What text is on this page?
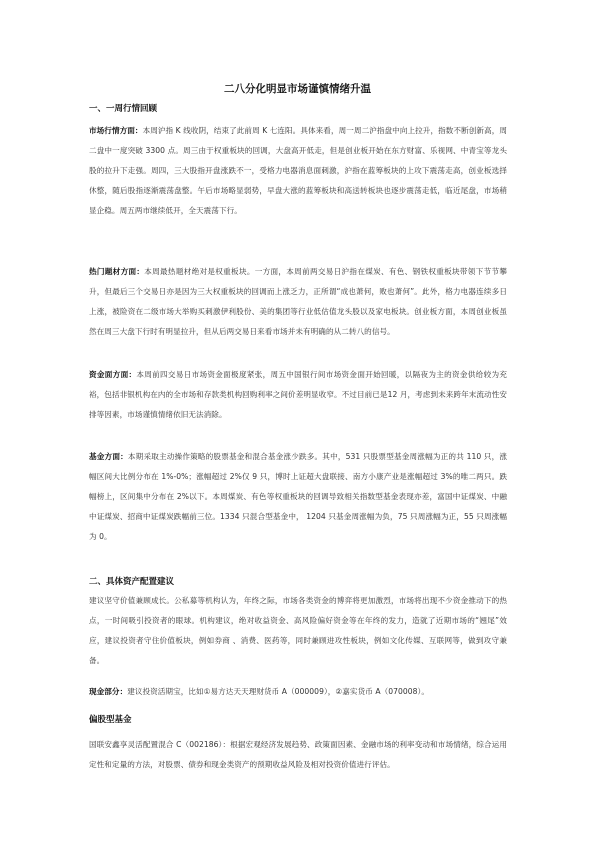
二八分化明显市场谨慎情绪升温
一、一周行情回顾
市场行情方面：本周沪指 K 线收阴，结束了此前周 K 七连阳。具体来看，周一周二沪指盘中向上拉升，指数不断创新高，周二盘中一度突破 3300 点。周三由于权重板块的回调，大盘高开低走，但是创业板开始在东方财富、乐视网、中青宝等龙头股的拉升下走强。周四，三大股指开盘涨跌不一，受格力电器消息面刺激，沪指在蓝筹板块的上攻下震荡走高，创业板选择休整，随后股指逐渐震荡盘整。午后市场略显弱势，早盘大涨的蓝筹板块和高送转板块也逐步震荡走低，临近尾盘，市场稍显企稳。周五两市继续低开，全天震荡下行。
热门题材方面：本周最热题材绝对是权重板块。一方面，本周前两交易日沪指在煤炭、有色、钢铁权重板块带领下节节攀升，但最后三个交易日亦是因为三大权重板块的回调而上涨乏力，正所谓“成也萧何，败也萧何”。此外，格力电器连续多日上涨，被险资在二级市场大举购买刺激伊利股份、美的集团等行业低估值龙头股以及家电板块。创业板方面，本周创业板虽然在周三大盘下行时有明显拉升，但从后两交易日来看市场并未有明确的从二转八的信号。
资金面方面：本周前四交易日市场资金面极度紧张，周五中国银行间市场资金面开始回暖，以隔夜为主的资金供给较为充裕，包括非银机构在内的全市场和存款类机构回购利率之间价差明显收窄。不过目前已是12 月，考虑到未来跨年末流动性安排等因素，市场谨慎情绪依旧无法消除。
基金方面：本期采取主动操作策略的股票基金和混合基金涨少跌多。其中，531 只股票型基金周涨幅为正的共 110 只，涨幅区间大比例分布在 1%-0%；涨幅超过 2%仅 9 只，博时上证超大盘联接、南方小康产业是涨幅超过 3%的唯二两只。跌幅榜上，区间集中分布在 2%以下。本周煤炭、有色等权重板块的回调导致相关指数型基金表现亦差，富国中证煤炭、中融中证煤炭、招商中证煤炭跌幅前三位。1334 只混合型基金中， 1204 只基金周涨幅为负，75 只周涨幅为正，55 只周涨幅为 0。
二、具体资产配置建议
建议坚守价值兼顾成长。公私募等机构认为，年终之际，市场各类资金的博弈将更加激烈，市场将出现不少资金推动下的热点，一时间吸引投资者的眼球。机构建议，绝对收益资金、高风险偏好资金等在年终的发力，造就了近期市场的“翘尾”效应，建议投资者守住价值板块，例如券商 、消费、医药等，同时兼顾进攻性板块，例如文化传媒、互联网等，做到攻守兼备。
现金部分：建议投资活期宝，比如①易方达天天理财货币 A（000009），②嘉实货币 A（070008）。
偏股型基金
国联安鑫享灵活配置混合 C（002186）：根据宏观经济发展趋势、政策面因素、金融市场的利率变动和市场情绪，综合运用定性和定量的方法，对股票、债券和现金类资产的预期收益风险及相对投资价值进行评估。
